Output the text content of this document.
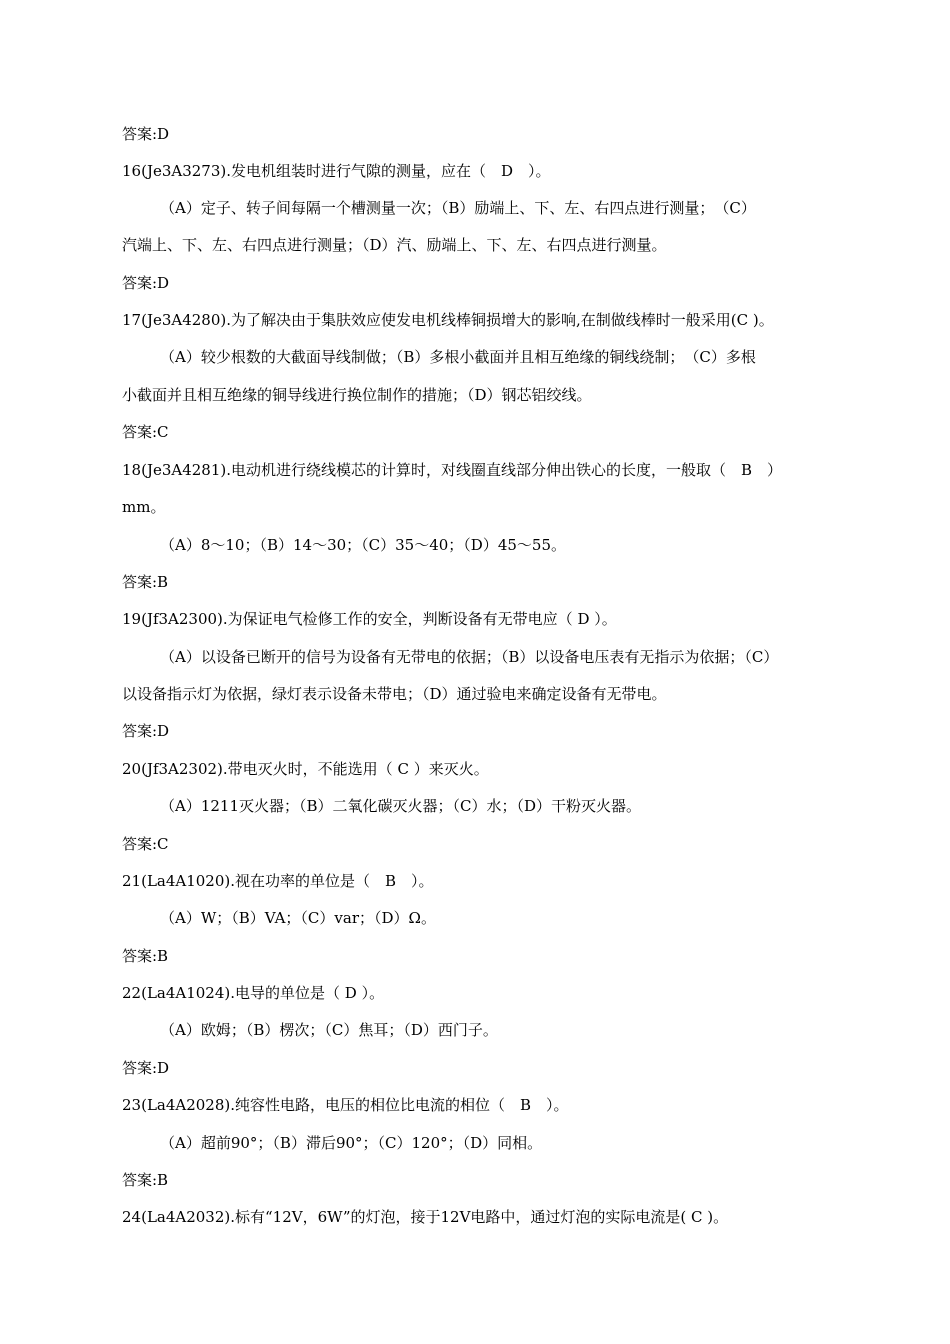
答案:D
16(Je3A3273).发电机组装时进行气隙的测量，应在（　D　）。
（A）定子、转子间每隔一个槽测量一次；（B）励端上、下、左、右四点进行测量；　（C）
汽端上、下、左、右四点进行测量；（D）汽、励端上、下、左、右四点进行测量。
答案:D
17(Je3A4280).为了解决由于集肤效应使发电机线棒铜损增大的影响,在制做线棒时一般采用(C )。
（A）较少根数的大截面导线制做；（B）多根小截面并且相互绝缘的铜线绕制；　（C）多根
小截面并且相互绝缘的铜导线进行换位制作的措施；（D）钢芯铝绞线。
答案:C
18(Je3A4281).电动机进行绕线模芯的计算时，对线圈直线部分伸出铁心的长度，一般取（　B　）
mm。
（A）8～10；（B）14～30；（C）35～40；（D）45～55。
答案:B
19(Jf3A2300).为保证电气检修工作的安全，判断设备有无带电应（ D ）。
（A）以设备已断开的信号为设备有无带电的依据；（B）以设备电压表有无指示为依据；（C）
以设备指示灯为依据，绿灯表示设备未带电；（D）通过验电来确定设备有无带电。
答案:D
20(Jf3A2302).带电灭火时，不能选用（ C ）来灭火。
（A）1211灭火器；（B）二氧化碳灭火器；（C）水；（D）干粉灭火器。
答案:C
21(La4A1020).视在功率的单位是（　B　）。
（A）W；（B）VA；（C）var；（D）Ω。
答案:B
22(La4A1024).电导的单位是（ D ）。
（A）欧姆；（B）楞次；（C）焦耳；（D）西门子。
答案:D
23(La4A2028).纯容性电路，电压的相位比电流的相位（　B　）。
（A）超前90°；（B）滞后90°；（C）120°；（D）同相。
答案:B
24(La4A2032).标有“12V，6W”的灯泡，接于12V电路中，通过灯泡的实际电流是( C )。
